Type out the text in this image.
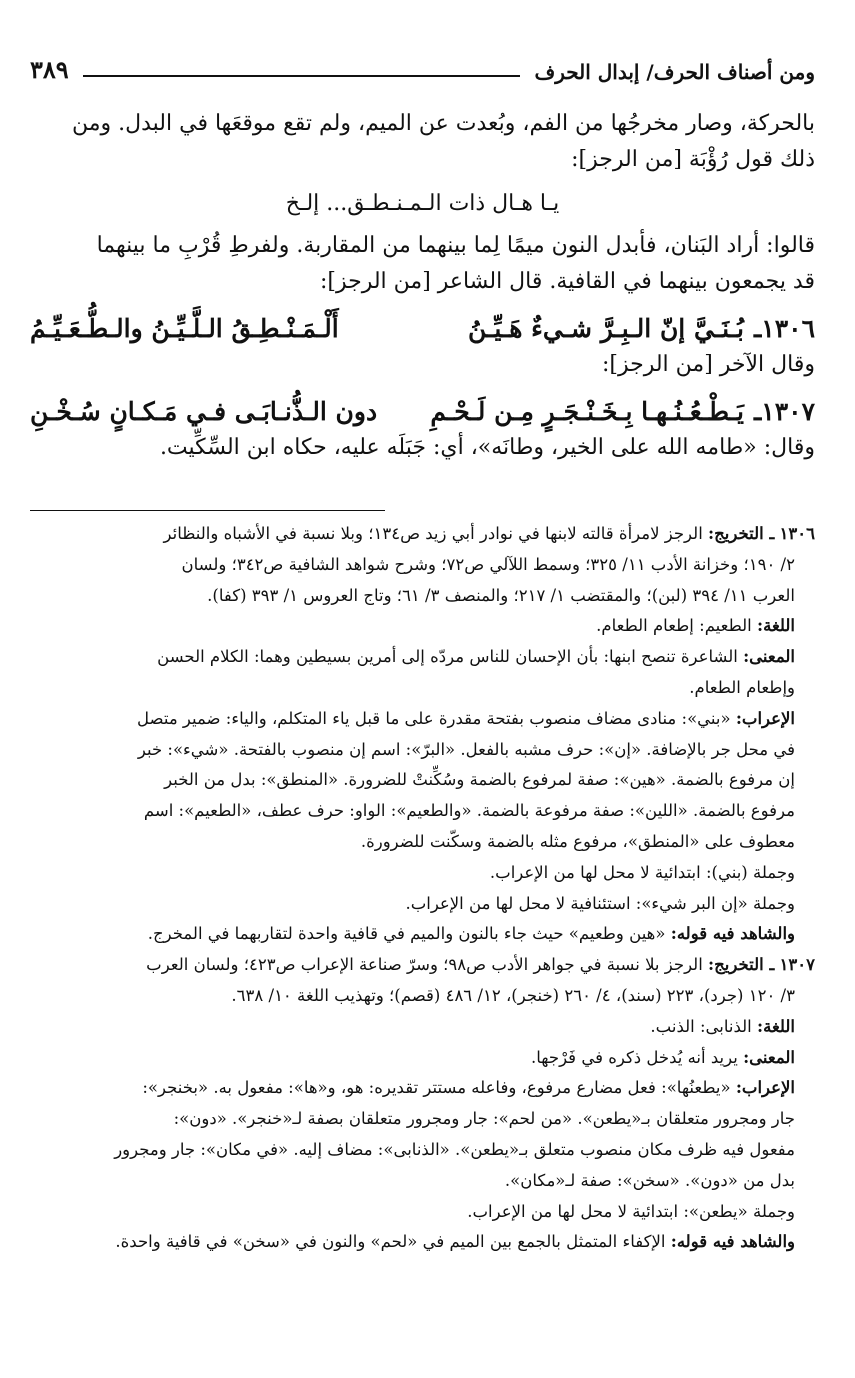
ومن أصناف الحرف/ إبدال الحرف
٣٨٩

بالحركة، وصار مخرجُها من الفم، وبُعدت عن الميم، ولم تقع موقعَها في البدل. ومن

ذلك قول رُؤْبَة [من الرجز]:

يـا هـال ذات الـمـنـطـق... إلـخ

قالوا: أراد البَنان، فأبدل النون ميمًا لِما بينهما من المقاربة. ولفرطِ قُرْبِ ما بينهما

قد يجمعون بينهما في القافية. قال الشاعر [من الرجز]:

١٣٠٦ـ
بُـنَـيَّ إنّ الـبِـرَّ شـيءٌ هَـيِّـنُ
أَلْـمَـنْـطِـقُ الـلَّـيِّـنُ والـطُّـعَـيِّـمُ

وقال الآخر [من الرجز]:

١٣٠٧ـ
يَـطْـعُـنُـهـا بِـخَـنْـجَـرٍ مِـن لَـحْـمِ
دون الـذُّنـابَـى فـي مَـكـانٍ سُـخْـنِ

وقال: «طامه الله على الخير، وطانَه»، أي: جَبَلَه عليه، حكاه ابن السِّكِّيت.

١٣٠٦ ـ التخريج: الرجز لامرأة قالته لابنها في نوادر أبي زيد ص١٣٤؛ وبلا نسبة في الأشباه والنظائر

٢/ ١٩٠؛ وخزانة الأدب ١١/ ٣٢٥؛ وسمط اللآلي ص٧٢؛ وشرح شواهد الشافية ص٣٤٢؛ ولسان

العرب ١١/ ٣٩٤ (لبن)؛ والمقتضب ١/ ٢١٧؛ والمنصف ٣/ ٦١؛ وتاج العروس ١/ ٣٩٣ (كفا).

اللغة: الطعيم: إطعام الطعام.

المعنى: الشاعرة تنصح ابنها: بأن الإحسان للناس مردّه إلى أمرين بسيطين وهما: الكلام الحسن

وإطعام الطعام.

الإعراب: «بني»: منادى مضاف منصوب بفتحة مقدرة على ما قبل ياء المتكلم، والياء: ضمير متصل

في محل جر بالإضافة. «إن»: حرف مشبه بالفعل. «البرّ»: اسم إن منصوب بالفتحة. «شيء»: خبر

إن مرفوع بالضمة. «هين»: صفة لمرفوع بالضمة وسُكِّنتْ للضرورة. «المنطق»: بدل من الخبر

مرفوع بالضمة. «اللين»: صفة مرفوعة بالضمة. «والطعيم»: الواو: حرف عطف، «الطعيم»: اسم

معطوف على «المنطق»، مرفوع مثله بالضمة وسكّنت للضرورة.

وجملة (بني): ابتدائية لا محل لها من الإعراب.

وجملة «إن البر شيء»: استئنافية لا محل لها من الإعراب.

والشاهد فيه قوله: «هين وطعيم» حيث جاء بالنون والميم في قافية واحدة لتقاربهما في المخرج.

١٣٠٧ ـ التخريج: الرجز بلا نسبة في جواهر الأدب ص٩٨؛ وسرّ صناعة الإعراب ص٤٢٣؛ ولسان العرب

٣/ ١٢٠ (جرد)، ٢٢٣ (سند)، ٤/ ٢٦٠ (خنجر)، ١٢/ ٤٨٦ (قصم)؛ وتهذيب اللغة ١٠/ ٦٣٨.

اللغة: الذنابى: الذنب.

المعنى: يريد أنه يُدخل ذكره في فَرْجها.

الإعراب: «يطعنُها»: فعل مضارع مرفوع، وفاعله مستتر تقديره: هو، و«ها»: مفعول به. «بخنجر»:

جار ومجرور متعلقان بـ«يطعن». «من لحم»: جار ومجرور متعلقان بصفة لـ«خنجر». «دون»:

مفعول فيه ظرف مكان منصوب متعلق بـ«يطعن». «الذنابى»: مضاف إليه. «في مكان»: جار ومجرور

بدل من «دون». «سخن»: صفة لـ«مكان».

وجملة «يطعن»: ابتدائية لا محل لها من الإعراب.

والشاهد فيه قوله: الإكفاء المتمثل بالجمع بين الميم في «لحم» والنون في «سخن» في قافية واحدة.
